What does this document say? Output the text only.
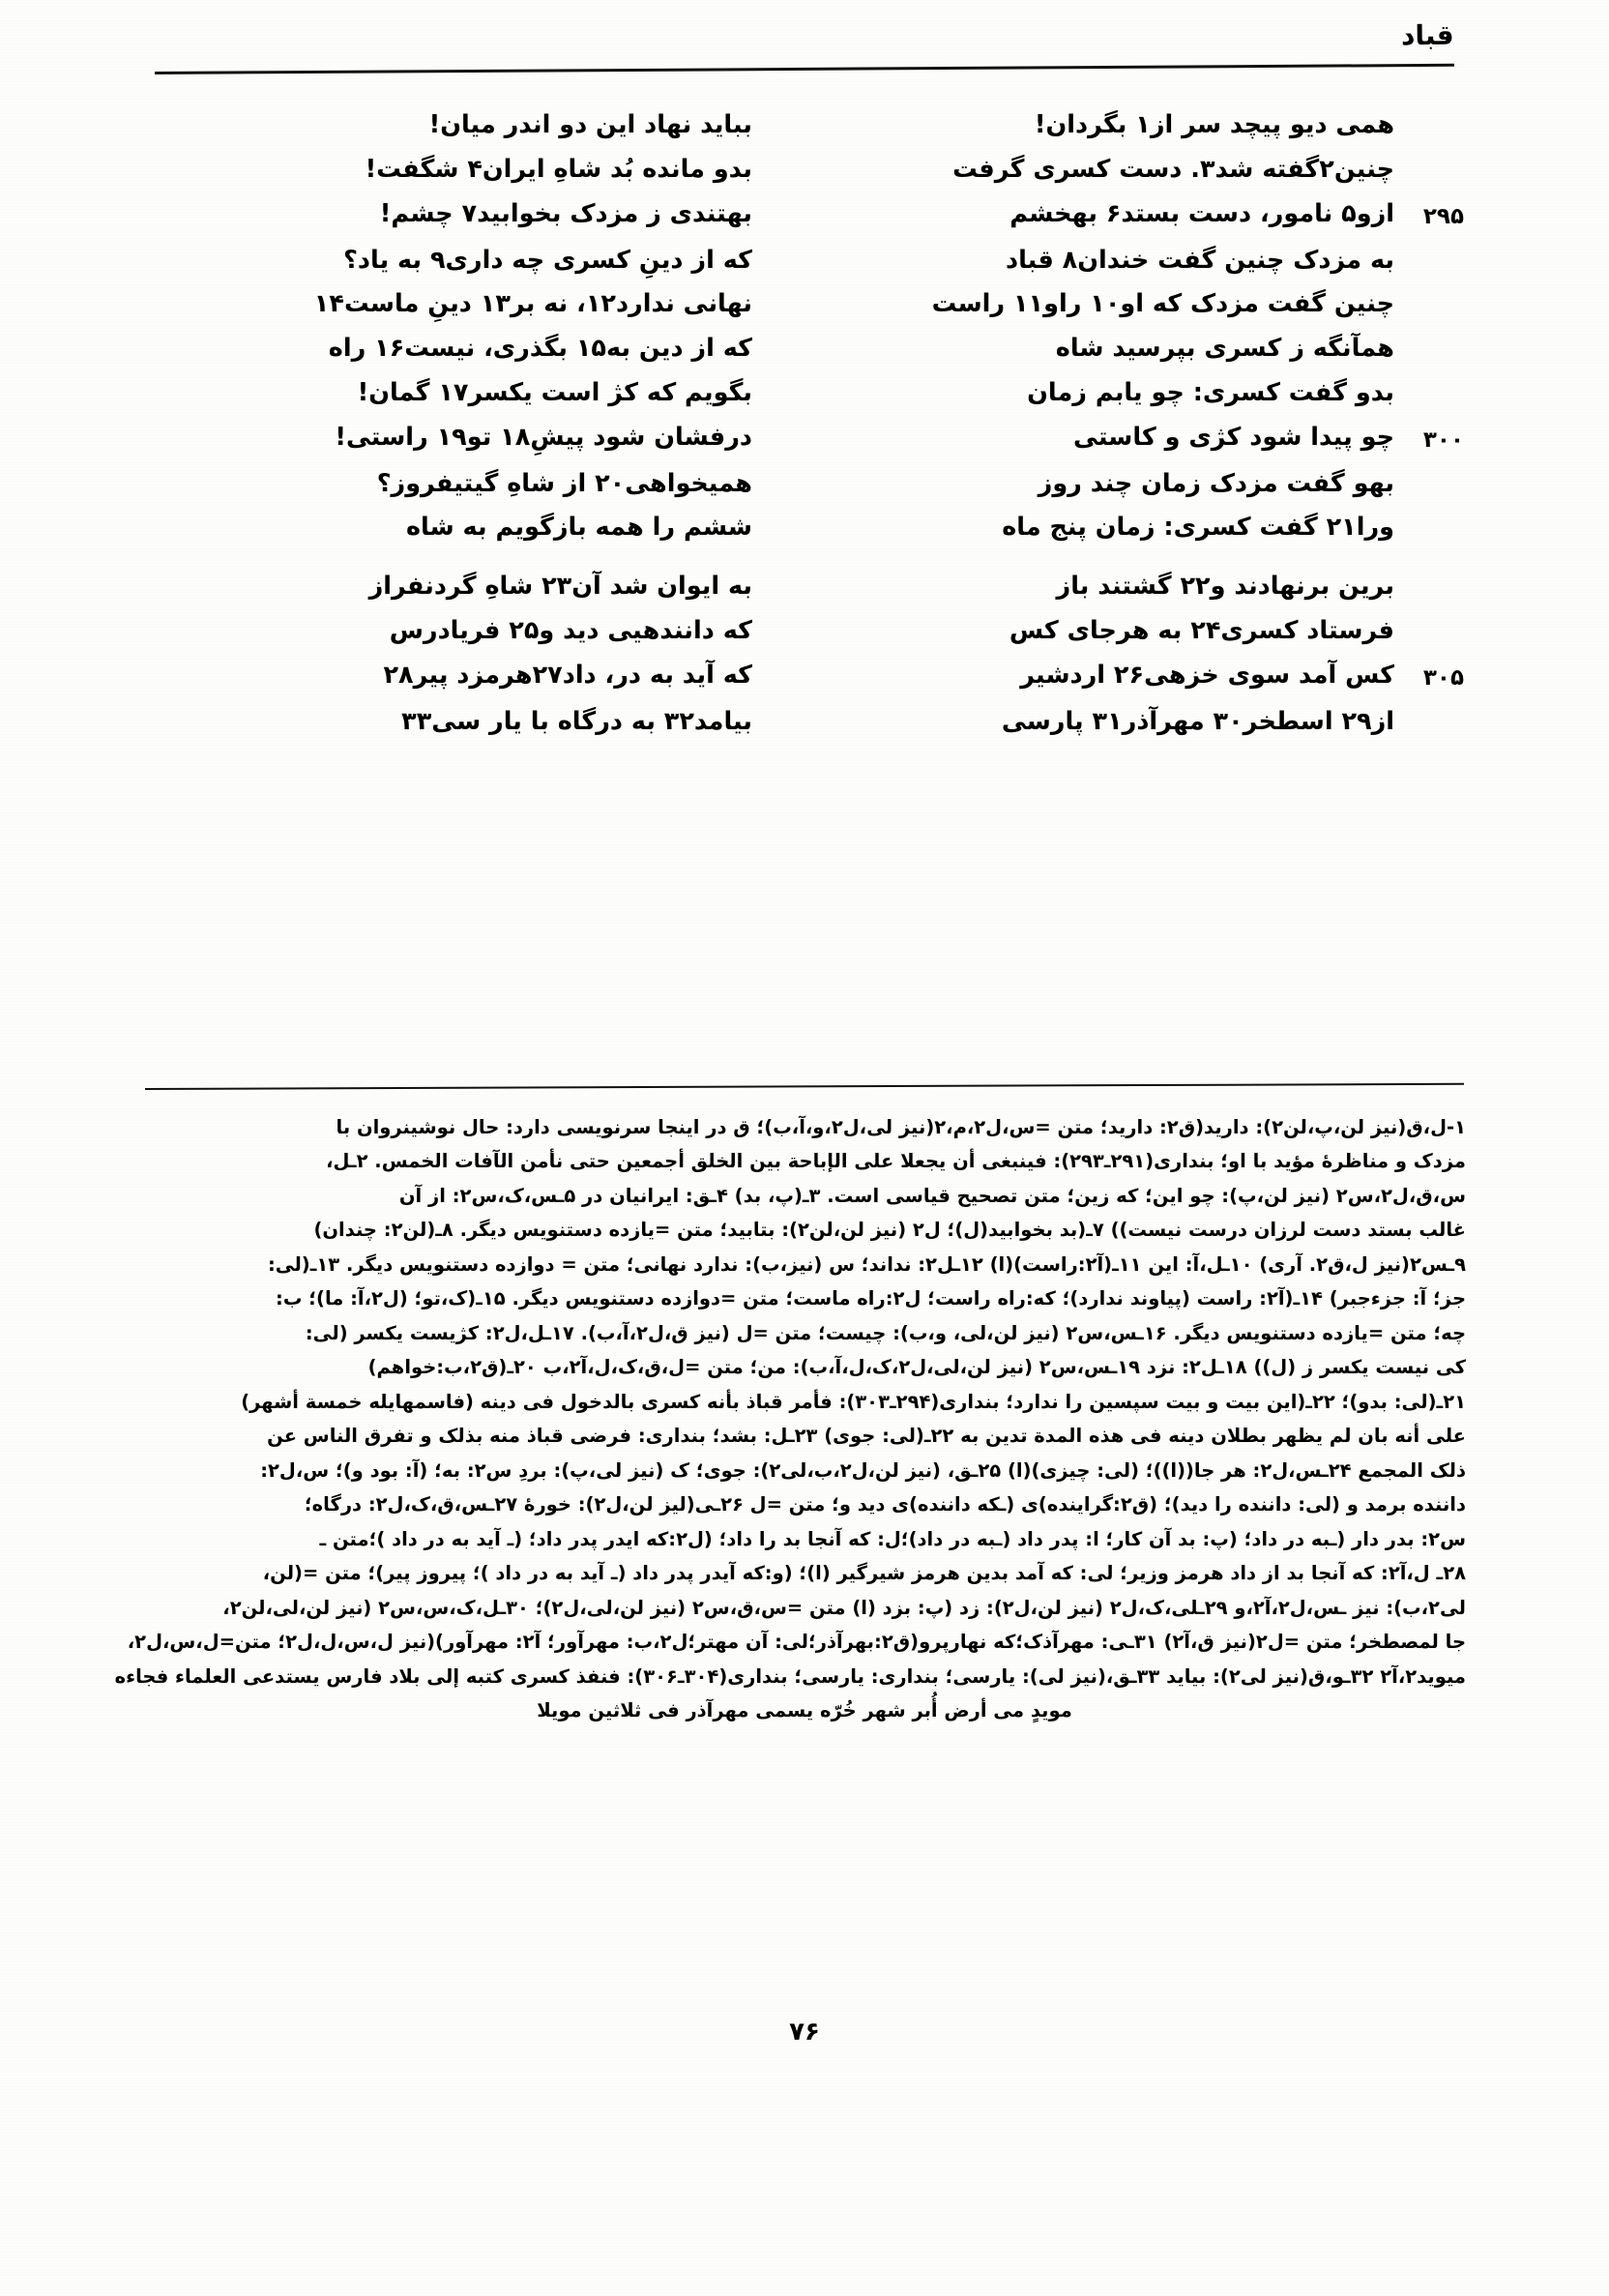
قباد
همی دیو پیچد سر از١ بگردان!
بباید نهاد این دو اندر میان!
چنین٢گفته شد٣. دست کسری گرفت
بدو مانده بُد شاهِ ایران۴ شگفت!
۲۹۵
ازو۵ نامور، دست بستد۶ بهخشم
بهتندی ز مزدک بخوابید٧ چشم!
به مزدک چنین گفت خندان٨ قباد
که از دینِ کسری چه داری٩ به یاد؟
چنین گفت مزدک که او١٠ راو١١ راست
نهانی ندارد١٢، نه بر١٣ دینِ ماست١۴
همآنگه ز کسری بپرسید شاه
که از دین به١۵ بگذری، نیست١۶ راه
بدو گفت کسری: چو یابم زمان
بگویم که کژ است یکسر١٧ گمان!
۳۰۰
چو پیدا شود کژی و کاستی
درفشان شود پیشِ١٨ تو١٩ راستی!
بهو گفت مزدک زمان چند روز
همیخواهی٢٠ از شاهِ گیتیفروز؟
ورا٢١ گفت کسری: زمان پنج ماه
ششم را همه بازگویم به شاه
برین برنهادند و٢٢ گشتند باز
به ایوان شد آن٢٣ شاهِ گردنفراز
فرستاد کسری٢۴ به هرجای کس
که دانندهیی دید و٢۵ فریادرس
۳۰۵
کس آمد سوی خزهی٢۶ اردشیر
که آید به در، داد٢٧هرمزد پیر٢٨
از٢٩ اسطخر٣٠ مهرآذر٣١ پارسی
بیامد٣٢ به درگاه با یار سی٣٣
١-ل،ق(نیز لن،پ،لن٢): دارید(ق٢: دارید؛ متن =س،ل٢،م،٢(نیز لی،ل٢،و،آ،ب)؛ ق در اینجا سرنویسی دارد: حال نوشینروان با
مزدک و مناظرهٔ مؤید با او؛ بنداری(۲۹۱ـ۲۹۳): فینبغی أن یجعلا علی الإباحة بین الخلق أجمعین حتی نأمن الآفات الخمس. ۲ـل،
س،ق،ل٢،س٢ (نیز لن،پ): چو این؛ که زین؛ متن تصحیح قیاسی است. ۳ـ(پ، بد) ۴ـق: ایرانیان در ۵ـس،ک،س٢: از آن
غالب بستد دست لرزان درست نیست)) ۷ـ(بد بخوابید(ل)؛ ل٢ (نیز لن،لن٢): بتابید؛ متن =یازده دستنویس دیگر. ۸ـ(لن٢: چندان)
۹ـس٢(نیز ل،ق٢. آری) ۱۰ـل،آ: این ۱۱ـ(آ٢:راست)(ا) ۱۲ـل٢: نداند؛ س (نیز،ب): ندارد نهانی؛ متن = دوازده دستنویس دیگر. ۱۳ـ(لی:
جز؛ آ: جزءجبر) ۱۴ـ(آ٢: راست (پیاوند ندارد)؛ که:راه راست؛ ل٢:راه ماست؛ متن =دوازده دستنویس دیگر. ۱۵ـ(ک،تو؛ (ل٢،آ: ما)؛ ب:
چه؛ متن =یازده دستنویس دیگر. ۱۶ـس،س٢ (نیز لن،لی، و،ب): چیست؛ متن =ل (نیز ق،ل٢،آ،ب). ۱۷ـل،ل٢: کژیست یکسر (لی:
کی نیست یکسر ز (ل)) ۱۸ـل٢: نزد ۱۹ـس،س٢ (نیز لن،لی،ل٢،ک،ل،آ،ب): من؛ متن =ل،ق،ک،ل،آ٢،ب ۲۰ـ(ق٢،ب:خواهم)
۲۱ـ(لی: بدو)؛ ۲۲ـ(این بیت و بیت سپسین را ندارد؛ بنداری(۲۹۴ـ۳۰۳): فأمر قباذ بأنه کسری بالدخول فی دینه (فاسمهایله خمسة أشهر)
علی أنه بان لم یظهر بطلان دینه فی هذه المدة تدین به ۲۲ـ(لی: جوی) ۲۳ـل: بشد؛ بنداری: فرضی قباذ منه بذلک و تفرق الناس عن
ذلک المجمع ۲۴ـس،ل٢: هر جا((ا))؛ (لی: چیزی)(ا) ۲۵ـق، (نیز لن،ل٢،ب،لی٢): جوی؛ ک (نیز لی،پ): بردِ س٢: به؛ (آ: بود و)؛ س،ل٢:
داننده برمد و (لی: داننده را دید)؛ (ق٢:گراینده)ی (ـکه داننده)ی دید و؛ متن =ل ۲۶ـی(لیز لن،ل٢): خورهٔ ۲۷ـس،ق،ک،ل٢: درگاه؛
س٢: بدر دار (ـبه در داد؛ (پ: بد آن کار؛ ا: پدر داد (ـبه در داد)؛ل: که آنجا بد را داد؛ (ل٢:که ایدر پدر داد؛ (ـ آید به در داد )؛متن ـ
۲۸ـ ل،آ٢: که آنجا بد از داد هرمز وزیر؛ لی: که آمد بدین هرمز شیرگیر (ا)؛ (و:که آیدر پدر داد (ـ آید به در داد )؛ پیروز پیر)؛ متن =(لن،
لی٢،ب): نیز ـس،ل٢،آ٢،و ۲۹ـلی،ک،ل٢ (نیز لن،ل٢): زد (پ: بزد (ا) متن =س،ق،س٢ (نیز لن،لی،ل٢)؛ ۳۰ـل،ک،س،س٢ (نیز لن،لی،لن٢،
جا لمصطخر؛ متن =ل٢(نیز ق،آ٢) ۳۱ـی: مهرآذک؛که نهارپرو(ق٢:بهرآذر؛لی: آن مهتر؛ل٢،ب: مهرآور؛ آ٢: مهرآور)(نیز ل،س،ل،ل٢؛ متن=ل،س،ل٢،
میوید٢،آ٢ ۳۲ـو،ق(نیز لی٢): بیاید ۳۳ـق،(نیز لی): یارسی؛ بنداری: یارسی؛ بنداری(۳۰۴ـ۳۰۶): فنفذ کسری کتبه إلی بلاد فارس یستدعی العلماء فجاءه
مویدٍ می أرض أُبر شهر خُرّه یسمی مهرآذر فی ثلاثین مویلا
۷۶
